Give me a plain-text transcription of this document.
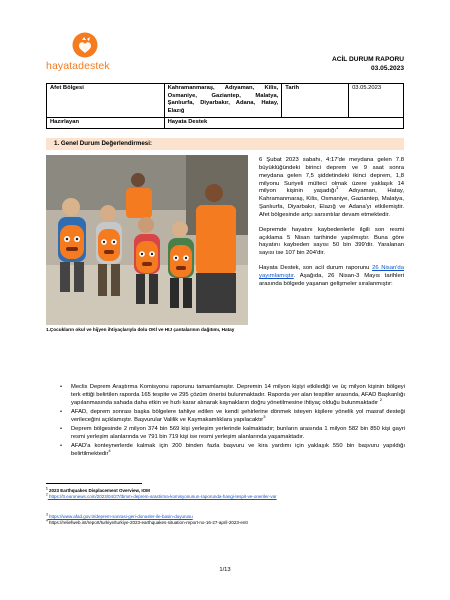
hayatadestek
ACİL DURUM RAPORU
03.05.2023
Afet Bölgesi	Kahramanmaraş, Adıyaman, Kilis, Osmaniye, Gaziantep, Malatya, Şanlıurfa, Diyarbakır, Adana, Hatay, Elazığ	Tarih	03.05.2023
Hazırlayan	Hayata Destek		
1. Genel Durum Değerlendirmesi:
1.Çocukların okul ve hijyen ihtiyaçlarıyla dolu OKİ ve HIJ çantalarının dağıtımı, Hatay

6 Şubat 2023 sabahı, 4:17'de meydana gelen 7.8 büyüklüğündeki birinci deprem ve 9 saat sonra meydana gelen 7,5 şiddetindeki ikinci deprem, 1,8 milyonu Suriyeli mülteci olmak üzere yaklaşık 14 milyon kişinin yaşadığı$^1$ Adıyaman, Hatay, Kahramanmaraş, Kilis, Osmaniye, Gaziantep, Malatya, Şanlıurfa, Diyarbakır, Elazığ ve Adana'yı etkilemiştir. Afet bölgesinde artçı sarsıntılar devam etmektedir.

Depremde hayatını kaybedenlerle ilgili son resmi açıklama 5 Nisan tarihinde yapılmıştır. Buna göre hayatını kaybeden sayısı 50 bin 399'dir. Yaralanan sayısı ise 107 bin 204'dir.

Hayata Destek, son acil durum raporunu 26 Nisan'da yayımlamıştır. Aşağıda, 26 Nisan-3 Mayıs tarihleri arasında bölgede yaşanan gelişmeler sıralanmıştır:

• Meclis Deprem Araştırma Komisyonu raporunu tamamlamıştır. Depremin 14 milyon kişiyi etkilediği ve üç milyon kişinin bölgeyi terk ettiği belirtilen raporda 165 tespite ve 295 çözüm önerisi bulunmaktadır. Raporda yer alan tespitler arasında, AFAD Başkanlığı yapılanmasında sahada daha etkin ve hızlı karar alınarak kaynakların doğru yönetilmesine ihtiyaç olduğu bulunmaktadır $^2$
• AFAD, deprem sonrası başka bölgelere tahliye edilen ve kendi şehirlerine dönmek isteyen kişilere yönelik yol masraf desteği verileceğini açıklamıştır. Başvurular Valilik ve Kaymakamlıklara yapılacaktır$^3$
• Deprem bölgesinde 2 milyon 374 bin 569 kişi yerleşim yerlerinde kalmaktadır; bunların arasında 1 milyon 582 bin 850 kişi gayri resmi yerleşim alanlarında ve 791 bin 719 kişi ise resmi yerleşim alanlarında yaşamaktadır.
• AFAD'a konteynerlerde kalmak için 200 binden fazla başvuru ve kira yardımı için yaklaşık 550 bin başvuru yapıldığı belirtilmektedir$^4$
$^1$ 2023 Earthquakes Displacement Overview, IOM
$^2$ https://tr.euronews.com/2023/04/27/tbmm-deprem-arastirma-komisyonunun-raporunda-hangi-tespit-ve-oneriler-var
$^3$ https://www.afad.gov.tr/deprem-sonrasi-geri-donusler-ile-basin-duyurusu
$^4$ https://reliefweb.int/report/turkiye/turkiye-2023-earthquakes-situation-report-no-16-27-april-2023-entr
1/13
